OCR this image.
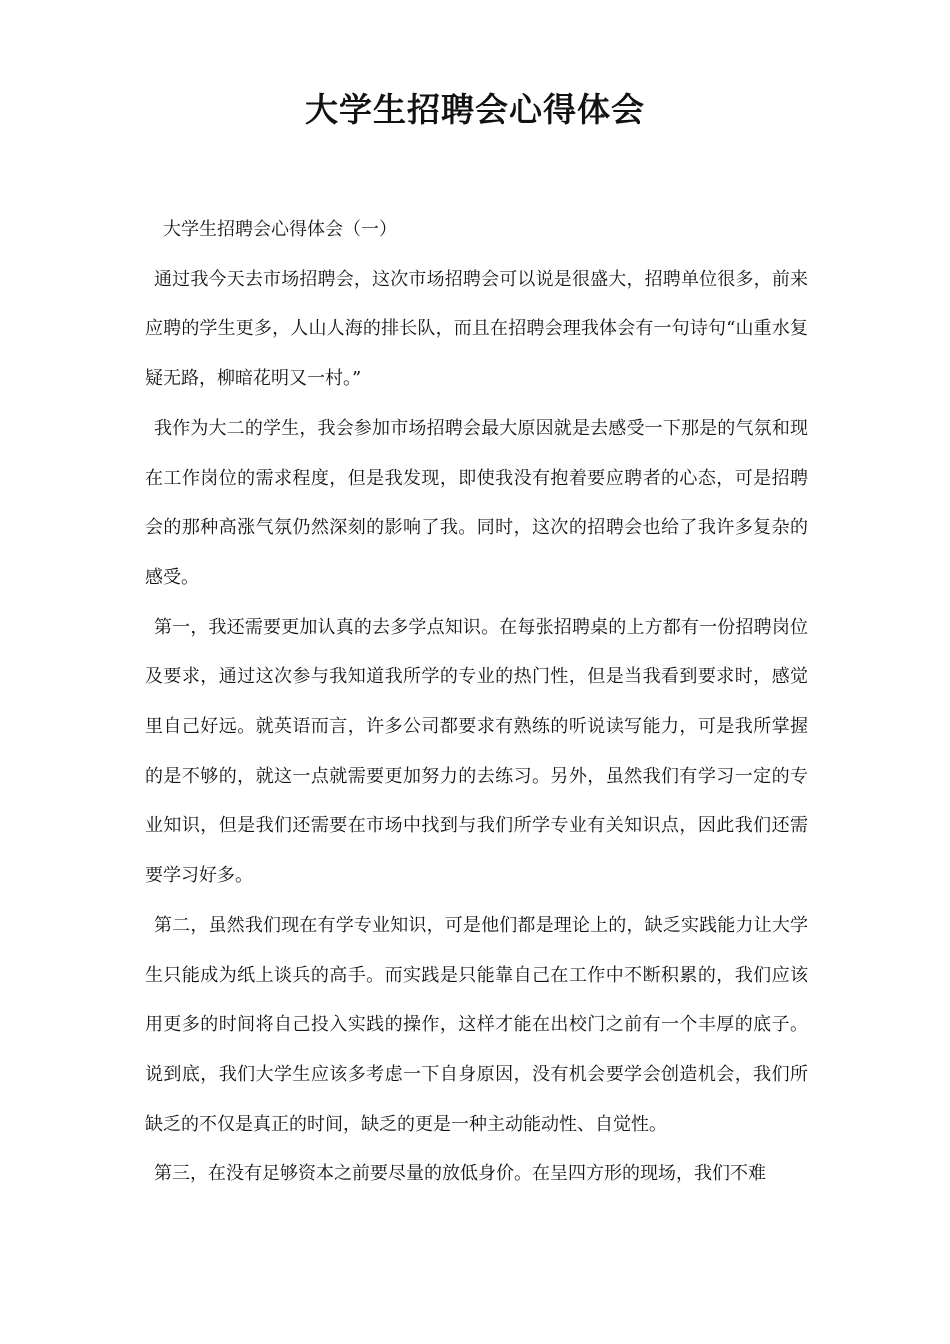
大学生招聘会心得体会
大学生招聘会心得体会（一）

通过我今天去市场招聘会，这次市场招聘会可以说是很盛大，招聘单位很多，前来应聘的学生更多，人山人海的排长队，而且在招聘会理我体会有一句诗句“山重水复疑无路，柳暗花明又一村。”

我作为大二的学生，我会参加市场招聘会最大原因就是去感受一下那是的气氛和现在工作岗位的需求程度，但是我发现，即使我没有抱着要应聘者的心态，可是招聘会的那种高涨气氛仍然深刻的影响了我。同时，这次的招聘会也给了我许多复杂的感受。

第一，我还需要更加认真的去多学点知识。在每张招聘桌的上方都有一份招聘岗位及要求，通过这次参与我知道我所学的专业的热门性，但是当我看到要求时，感觉里自己好远。就英语而言，许多公司都要求有熟练的听说读写能力，可是我所掌握的是不够的，就这一点就需要更加努力的去练习。另外，虽然我们有学习一定的专业知识，但是我们还需要在市场中找到与我们所学专业有关知识点，因此我们还需要学习好多。

第二，虽然我们现在有学专业知识，可是他们都是理论上的，缺乏实践能力让大学生只能成为纸上谈兵的高手。而实践是只能靠自己在工作中不断积累的，我们应该用更多的时间将自己投入实践的操作，这样才能在出校门之前有一个丰厚的底子。说到底，我们大学生应该多考虑一下自身原因，没有机会要学会创造机会，我们所缺乏的不仅是真正的时间，缺乏的更是一种主动能动性、自觉性。

第三，在没有足够资本之前要尽量的放低身价。在呈四方形的现场，我们不难
